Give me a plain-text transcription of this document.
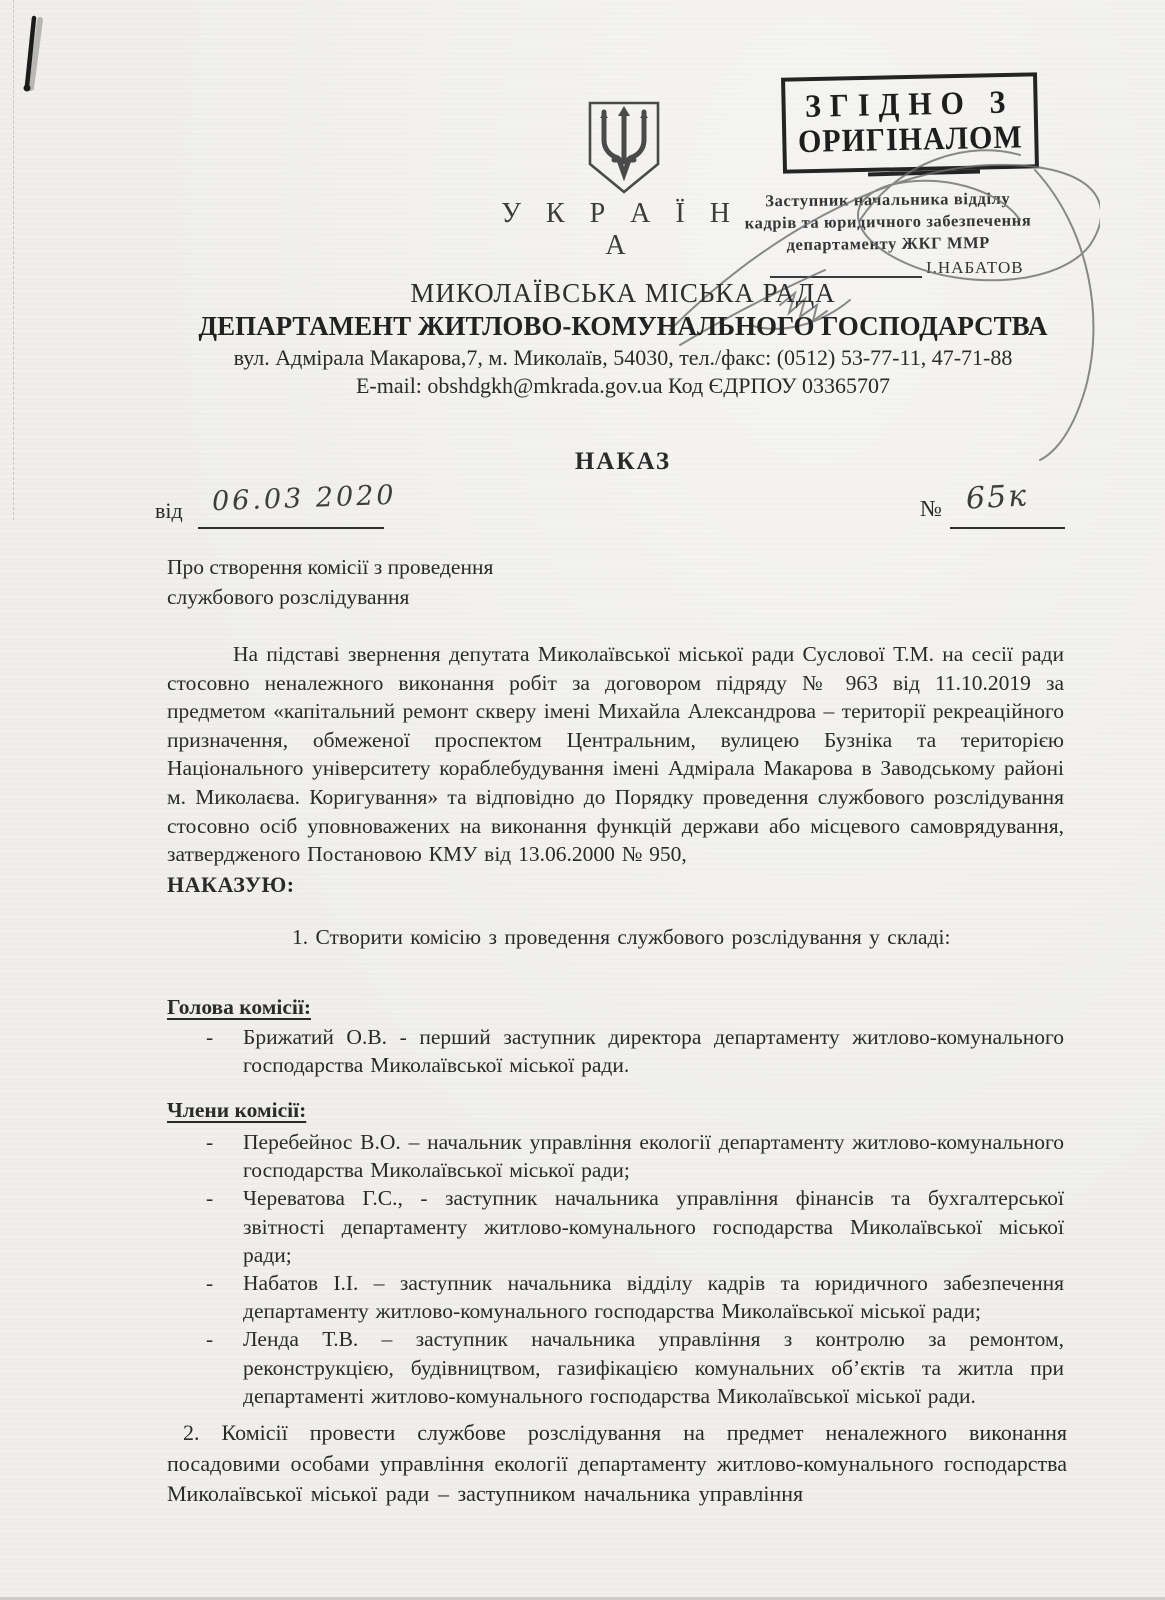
У К Р А Ї Н А
ЗГІДНО З
ОРИГІНАЛОМ
Заступник начальника відділу
кадрів та юридичного забезпечення
департаменту ЖКГ ММР
І.НАБАТОВ
МИКОЛАЇВСЬКА МІСЬКА РАДА
ДЕПАРТАМЕНТ ЖИТЛОВО-КОМУНАЛЬНОГО ГОСПОДАРСТВА
вул. Адмірала Макарова,7, м. Миколаїв, 54030, тел./факс: (0512) 53-77-11, 47-71-88
E-mail: obshdgkh@mkrada.gov.ua Код ЄДРПОУ 03365707
НАКАЗ
від 06.03 2020	№ 65к
Про створення комісії з проведення
службового розслідування
На підставі звернення депутата Миколаївської міської ради Суслової Т.М. на сесії ради стосовно неналежного виконання робіт за договором підряду № 963 від 11.10.2019 за предметом «капітальний ремонт скверу імені Михайла Александрова – території рекреаційного призначення, обмеженої проспектом Центральним, вулицею Бузніка та територією Національного університету кораблебудування імені Адмірала Макарова в Заводському районі м. Миколаєва. Коригування» та відповідно до Порядку проведення службового розслідування стосовно осіб уповноважених на виконання функцій держави або місцевого самоврядування, затвердженого Постановою КМУ від 13.06.2000 № 950,
НАКАЗУЮ:
1. Створити комісію з проведення службового розслідування у складі:
Голова комісії:
-	Брижатий О.В. - перший заступник директора департаменту житлово-комунального господарства Миколаївської міської ради.
Члени комісії:
-	Перебейнос В.О. – начальник управління екології департаменту житлово-комунального господарства Миколаївської міської ради;
-	Череватова Г.С., - заступник начальника управління фінансів та бухгалтерської звітності департаменту житлово-комунального господарства Миколаївської міської ради;
-	Набатов І.І. – заступник начальника відділу кадрів та юридичного забезпечення департаменту житлово-комунального господарства Миколаївської міської ради;
-	Ленда Т.В. – заступник начальника управління з контролю за ремонтом, реконструкцією, будівництвом, газифікацією комунальних об’єктів та житла при департаменті житлово-комунального господарства Миколаївської міської ради.
2. Комісії провести службове розслідування на предмет неналежного виконання посадовими особами управління екології департаменту житлово-комунального господарства Миколаївської міської ради – заступником начальника управління
